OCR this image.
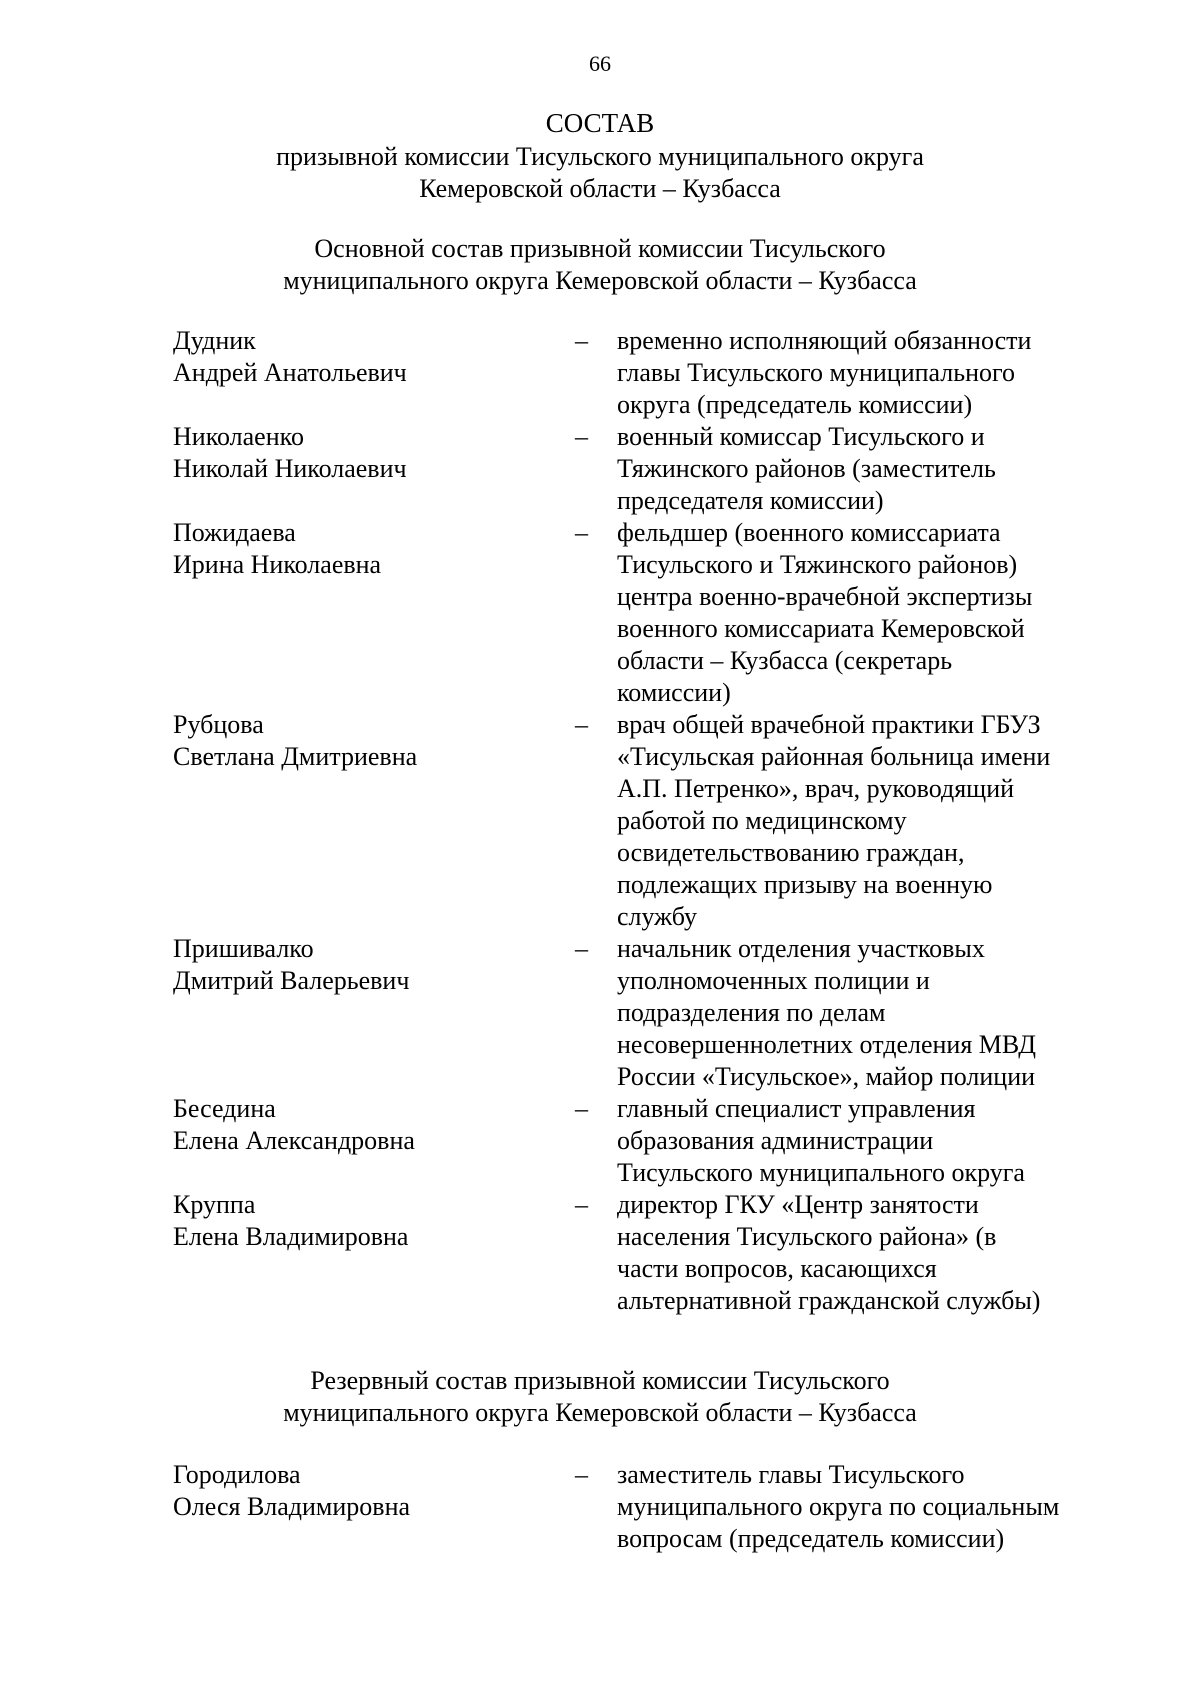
66
СОСТАВ
призывной комиссии Тисульского муниципального округа
Кемеровской области – Кузбасса
Основной состав призывной комиссии Тисульского
муниципального округа Кемеровской области – Кузбасса
Дудник
Андрей Анатольевич
– временно исполняющий обязанности
главы Тисульского муниципального
округа (председатель комиссии)
Николаенко
Николай Николаевич
– военный комиссар Тисульского и
Тяжинского районов (заместитель
председателя комиссии)
Пожидаева
Ирина Николаевна
– фельдшер (военного комиссариата
Тисульского и Тяжинского районов)
центра военно-врачебной экспертизы
военного комиссариата Кемеровской
области – Кузбасса (секретарь
комиссии)
Рубцова
Светлана Дмитриевна
– врач общей врачебной практики ГБУЗ
«Тисульская районная больница имени
А.П. Петренко», врач, руководящий
работой по медицинскому
освидетельствованию граждан,
подлежащих призыву на военную
службу
Пришивалко
Дмитрий Валерьевич
– начальник отделения участковых
уполномоченных полиции и
подразделения по делам
несовершеннолетних отделения МВД
России «Тисульское», майор полиции
Беседина
Елена Александровна
– главный специалист управления
образования администрации
Тисульского муниципального округа
Круппа
Елена Владимировна
– директор ГКУ «Центр занятости
населения Тисульского района» (в
части вопросов, касающихся
альтернативной гражданской службы)
Резервный состав призывной комиссии Тисульского
муниципального округа Кемеровской области – Кузбасса
Городилова
Олеся Владимировна
– заместитель главы Тисульского
муниципального округа по социальным
вопросам (председатель комиссии)
